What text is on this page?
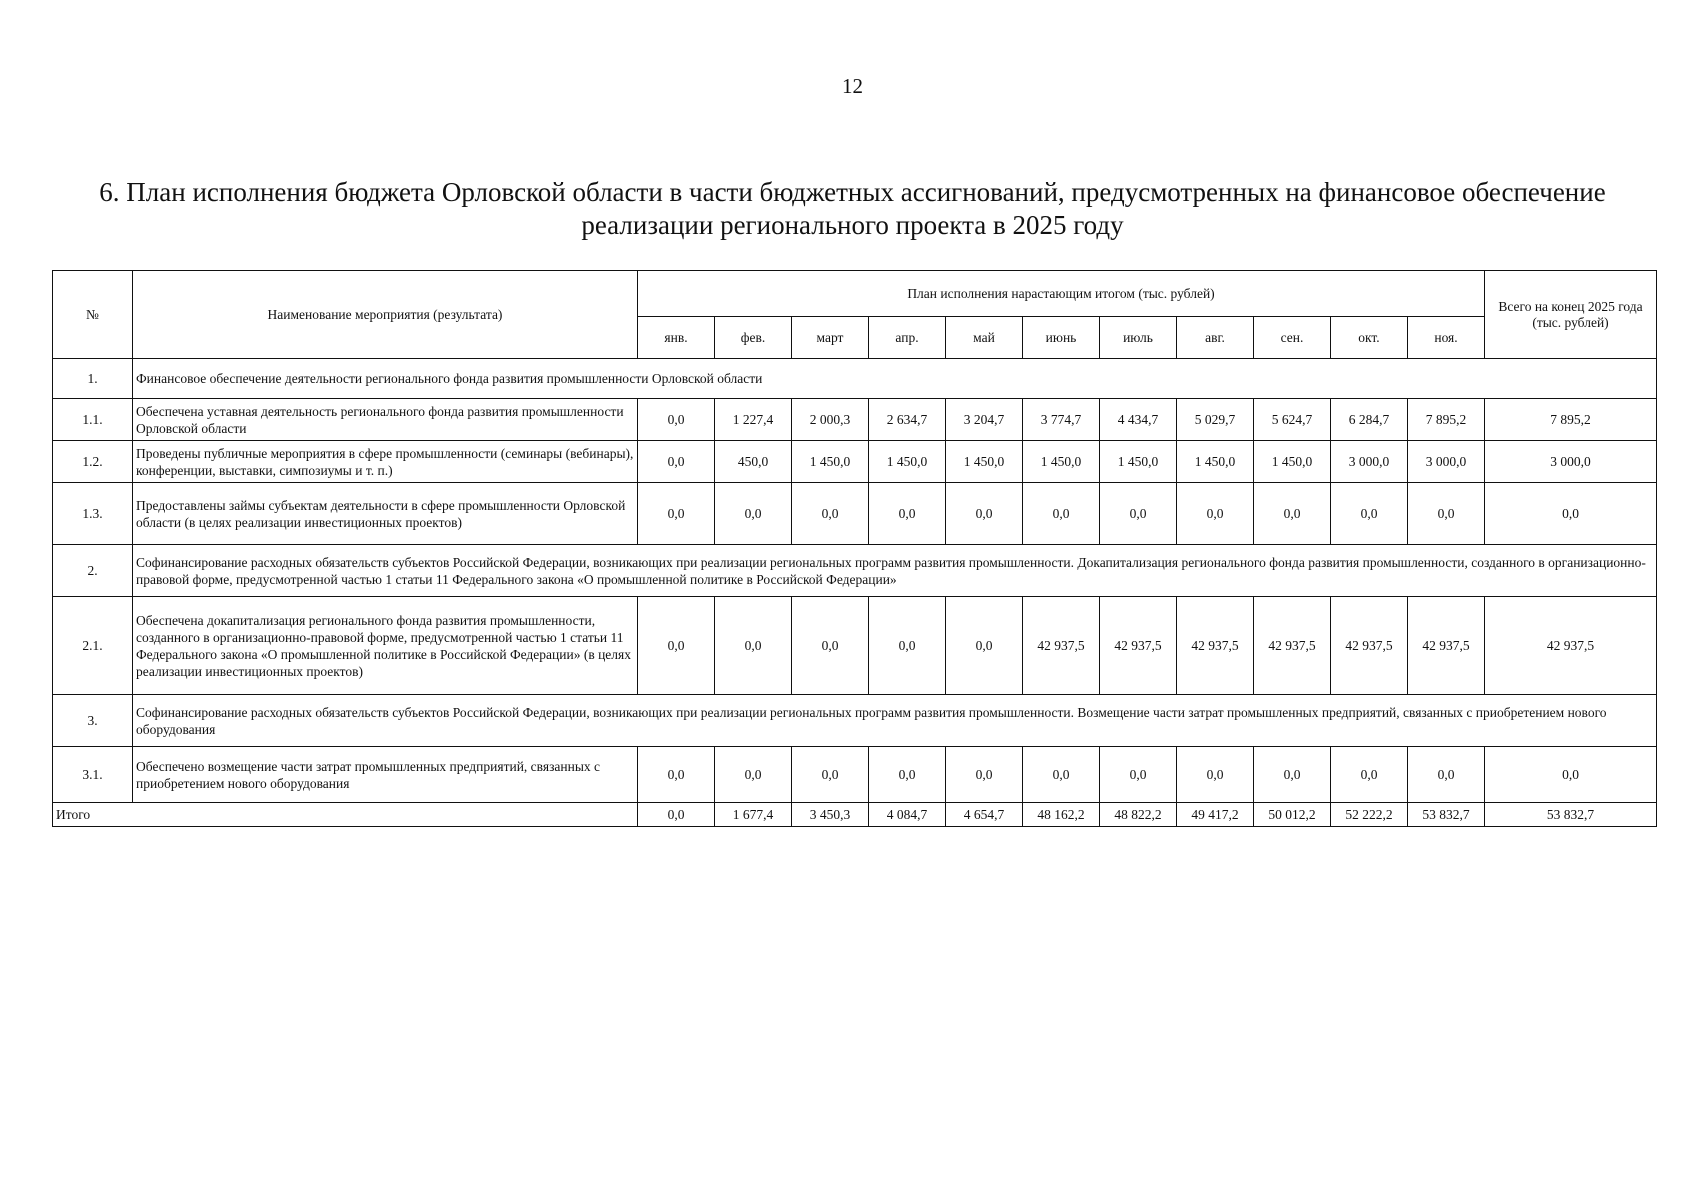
12
6. План исполнения бюджета Орловской области в части бюджетных ассигнований, предусмотренных на финансовое обеспечение реализации регионального проекта в 2025 году
№	Наименование мероприятия (результата)	План исполнения нарастающим итогом (тыс. рублей)											Всего на конец 2025 года (тыс. рублей)
		янв.	фев.	март	апр.	май	июнь	июль	авг.	сен.	окт.	ноя.	
1.	Финансовое обеспечение деятельности регионального фонда развития промышленности Орловской области												
1.1.	Обеспечена уставная деятельность регионального фонда развития промышленности Орловской области	0,0	1 227,4	2 000,3	2 634,7	3 204,7	3 774,7	4 434,7	5 029,7	5 624,7	6 284,7	7 895,2	7 895,2
1.2.	Проведены публичные мероприятия в сфере промышленности (семинары (вебинары), конференции, выставки, симпозиумы и т. п.)	0,0	450,0	1 450,0	1 450,0	1 450,0	1 450,0	1 450,0	1 450,0	1 450,0	3 000,0	3 000,0	3 000,0
1.3.	Предоставлены займы субъектам деятельности в сфере промышленности Орловской области (в целях реализации инвестиционных проектов)	0,0	0,0	0,0	0,0	0,0	0,0	0,0	0,0	0,0	0,0	0,0	0,0
2.	Софинансирование расходных обязательств субъектов Российской Федерации, возникающих при реализации региональных программ развития промышленности. Докапитализация регионального фонда развития промышленности, созданного в организационно-правовой форме, предусмотренной частью 1 статьи 11 Федерального закона «О промышленной политике в Российской Федерации»												
2.1.	Обеспечена докапитализация регионального фонда развития промышленности, созданного в организационно-правовой форме, предусмотренной частью 1 статьи 11 Федерального закона «О промышленной политике в Российской Федерации» (в целях реализации инвестиционных проектов)	0,0	0,0	0,0	0,0	0,0	42 937,5	42 937,5	42 937,5	42 937,5	42 937,5	42 937,5	42 937,5
3.	Софинансирование расходных обязательств субъектов Российской Федерации, возникающих при реализации региональных программ развития промышленности. Возмещение части затрат промышленных предприятий, связанных с приобретением нового оборудования												
3.1.	Обеспечено возмещение части затрат промышленных предприятий, связанных с приобретением нового оборудования	0,0	0,0	0,0	0,0	0,0	0,0	0,0	0,0	0,0	0,0	0,0	0,0
Итого		0,0	1 677,4	3 450,3	4 084,7	4 654,7	48 162,2	48 822,2	49 417,2	50 012,2	52 222,2	53 832,7	53 832,7
